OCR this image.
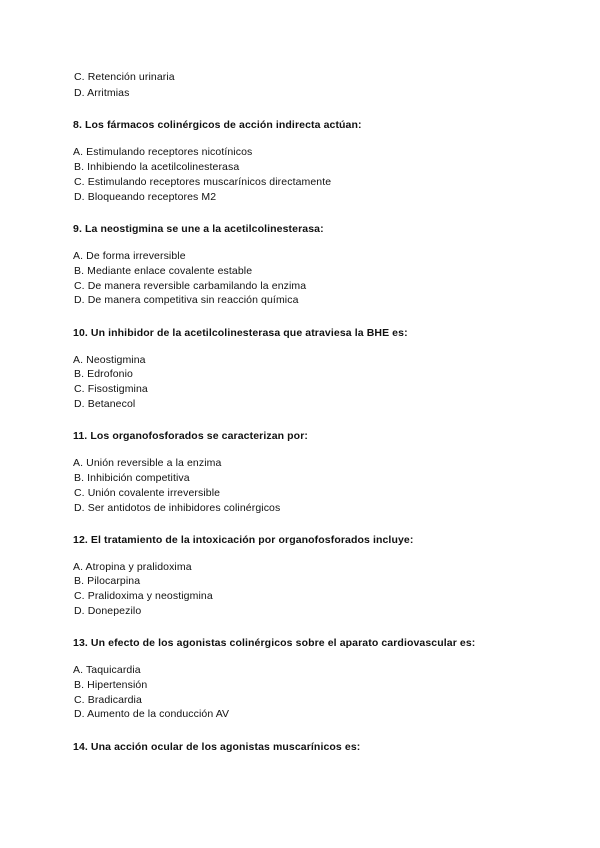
C. Retención urinaria
D. Arritmias
8. Los fármacos colinérgicos de acción indirecta actúan:
A. Estimulando receptores nicotínicos
B. Inhibiendo la acetilcolinesterasa
C. Estimulando receptores muscarínicos directamente
D. Bloqueando receptores M2
9. La neostigmina se une a la acetilcolinesterasa:
A. De forma irreversible
B. Mediante enlace covalente estable
C. De manera reversible carbamilando la enzima
D. De manera competitiva sin reacción química
10. Un inhibidor de la acetilcolinesterasa que atraviesa la BHE es:
A. Neostigmina
B. Edrofonio
C. Fisostigmina
D. Betanecol
11. Los organofosforados se caracterizan por:
A. Unión reversible a la enzima
B. Inhibición competitiva
C. Unión covalente irreversible
D. Ser antidotos de inhibidores colinérgicos
12. El tratamiento de la intoxicación por organofosforados incluye:
A. Atropina y pralidoxima
B. Pilocarpina
C. Pralidoxima y neostigmina
D. Donepezilo
13. Un efecto de los agonistas colinérgicos sobre el aparato cardiovascular es:
A. Taquicardia
B. Hipertensión
C. Bradicardia
D. Aumento de la conducción AV
14. Una acción ocular de los agonistas muscarínicos es:
